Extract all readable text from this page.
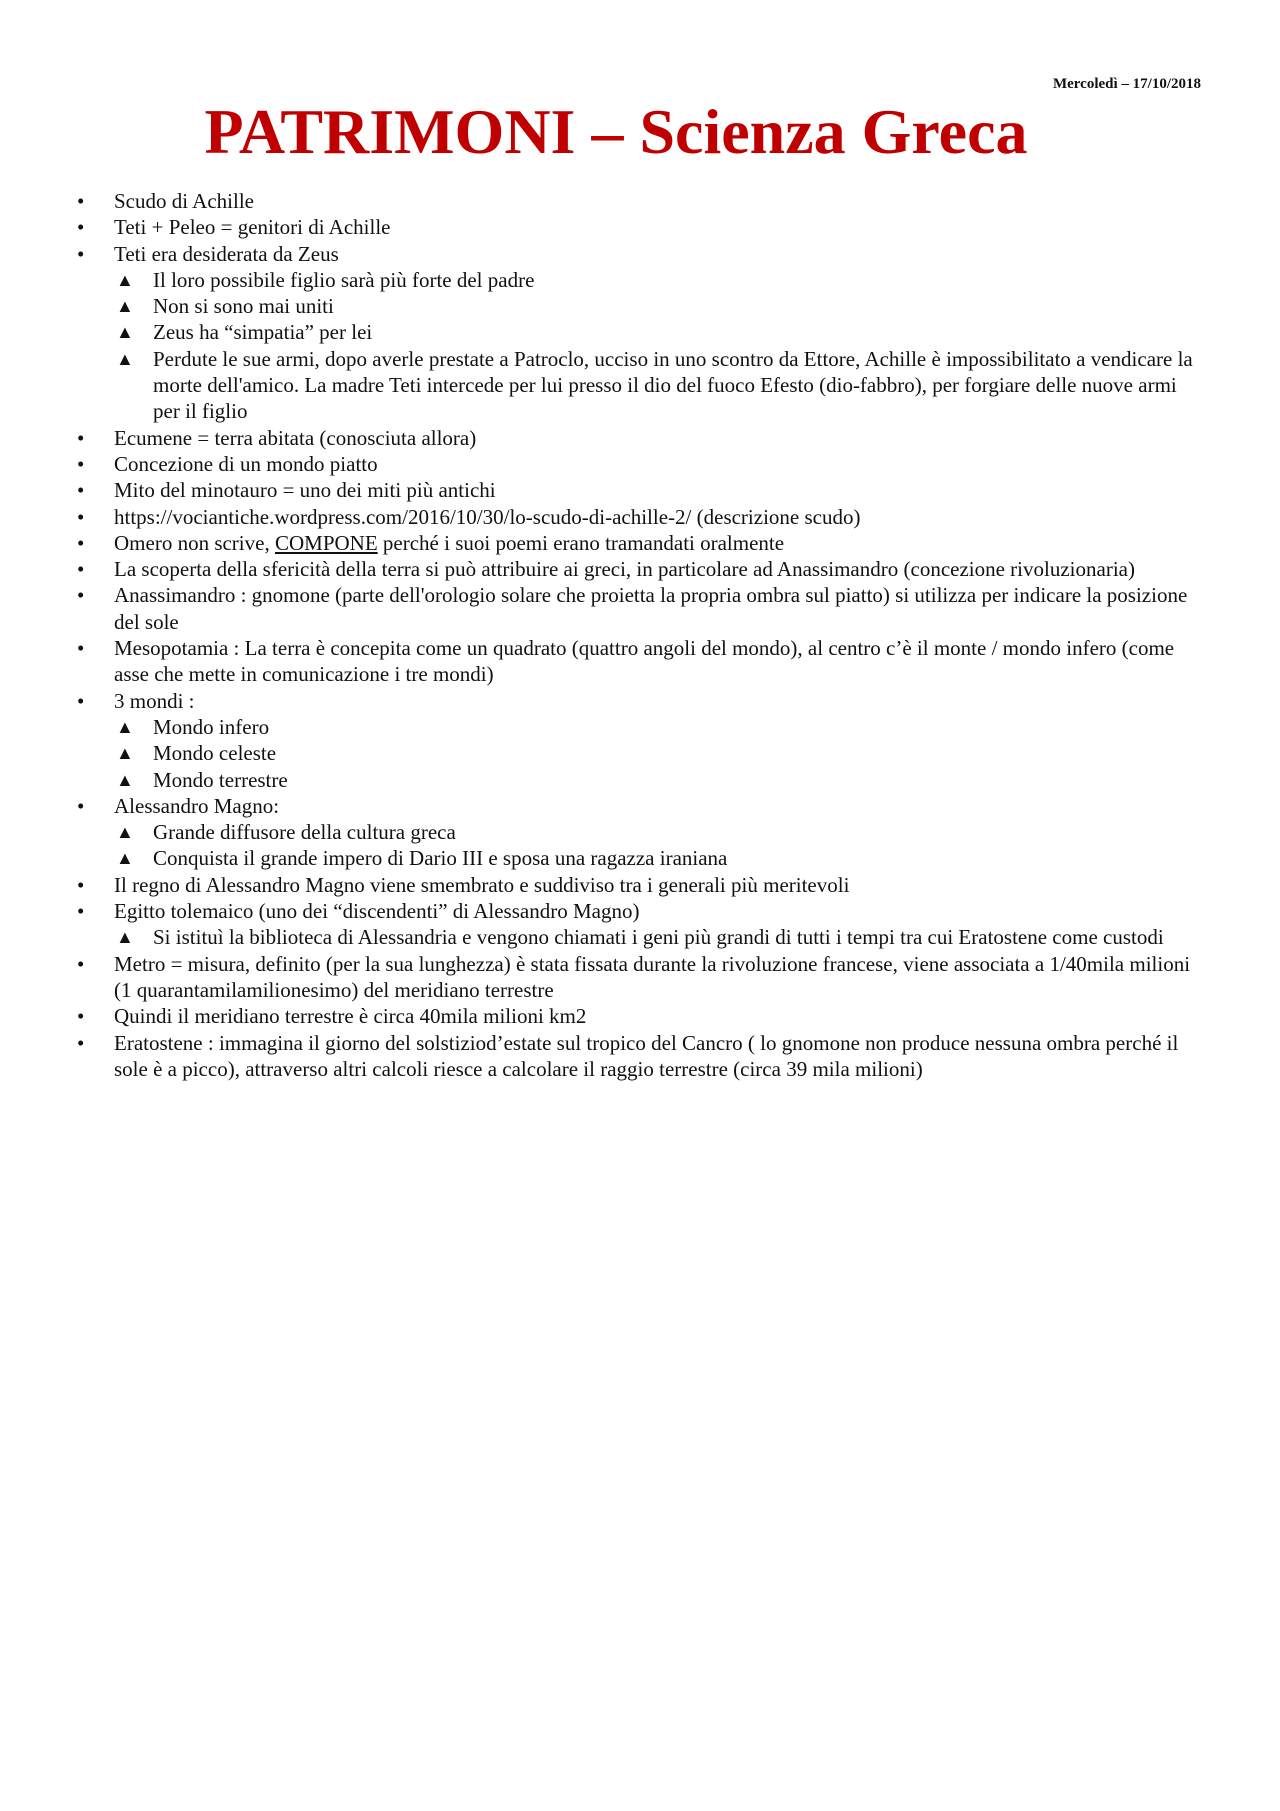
Mercoledì – 17/10/2018
PATRIMONI – Scienza Greca
• Scudo di Achille
• Teti + Peleo = genitori di Achille
• Teti era desiderata da Zeus
▲ Il loro possibile figlio sarà più forte del padre
▲ Non si sono mai uniti
▲ Zeus ha “simpatia” per lei
▲ Perdute le sue armi, dopo averle prestate a Patroclo, ucciso in uno scontro da Ettore, Achille è impossibilitato a vendicare la morte dell'amico. La madre Teti intercede per lui presso il dio del fuoco Efesto (dio-fabbro), per forgiare delle nuove armi per il figlio
• Ecumene = terra abitata (conosciuta allora)
• Concezione di un mondo piatto
• Mito del minotauro = uno dei miti più antichi
• https://vociantiche.wordpress.com/2016/10/30/lo-scudo-di-achille-2/ (descrizione scudo)
• Omero non scrive, COMPONE perché i suoi poemi erano tramandati oralmente
• La scoperta della sfericità della terra si può attribuire ai greci, in particolare ad Anassimandro (concezione rivoluzionaria)
• Anassimandro : gnomone (parte dell'orologio solare che proietta la propria ombra sul piatto) si utilizza per indicare la posizione del sole
• Mesopotamia : La terra è concepita come un quadrato (quattro angoli del mondo), al centro c’è il monte / mondo infero (come asse che mette in comunicazione i tre mondi)
• 3 mondi :
▲ Mondo infero
▲ Mondo celeste
▲ Mondo terrestre
• Alessandro Magno:
▲ Grande diffusore della cultura greca
▲ Conquista il grande impero di Dario III e sposa una ragazza iraniana
• Il regno di Alessandro Magno viene smembrato e suddiviso tra i generali più meritevoli
• Egitto tolemaico (uno dei “discendenti” di Alessandro Magno)
▲ Si istituì la biblioteca di Alessandria e vengono chiamati i geni più grandi di tutti i tempi tra cui Eratostene come custodi
• Metro = misura, definito (per la sua lunghezza) è stata fissata durante la rivoluzione francese, viene associata a 1/40mila milioni (1 quarantamilamilionesimo) del meridiano terrestre
• Quindi il meridiano terrestre è circa 40mila milioni km2
• Eratostene : immagina il giorno del solstiziod’estate sul tropico del Cancro ( lo gnomone non produce nessuna ombra perché il sole è a picco), attraverso altri calcoli riesce a calcolare il raggio terrestre (circa 39 mila milioni)
